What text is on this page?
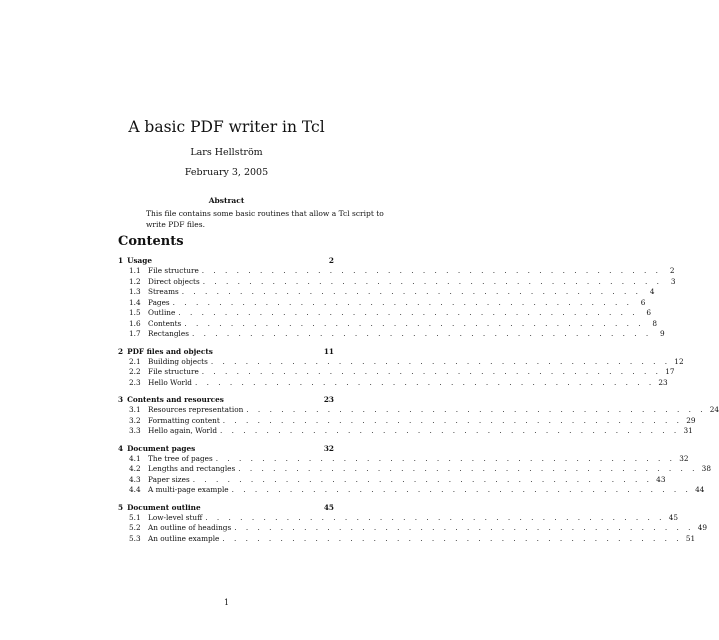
A basic PDF writer in Tcl
Lars Hellström
February 3, 2005
Abstract
This file contains some basic routines that allow a Tcl script to write PDF files.
Contents
1 Usage	2
1.1	File structure . . . . . . . . . . . . . . . . . . . . . . . . . . . . . . . . . . . . . . . .	2
1.2	Direct objects . . . . . . . . . . . . . . . . . . . . . . . . . . . . . . . . . . . . . . . .	3
1.3	Streams . . . . . . . . . . . . . . . . . . . . . . . . . . . . . . . . . . . . . . . .	4
1.4	Pages . . . . . . . . . . . . . . . . . . . . . . . . . . . . . . . . . . . . . . . .	6
1.5	Outline . . . . . . . . . . . . . . . . . . . . . . . . . . . . . . . . . . . . . . . .	6
1.6	Contents . . . . . . . . . . . . . . . . . . . . . . . . . . . . . . . . . . . . . . . .	8
1.7	Rectangles . . . . . . . . . . . . . . . . . . . . . . . . . . . . . . . . . . . . . . . .	9
2 PDF files and objects	11
2.1	Building objects . . . . . . . . . . . . . . . . . . . . . . . . . . . . . . . . . . . . . . . . 12
2.2	File structure . . . . . . . . . . . . . . . . . . . . . . . . . . . . . . . . . . . . . . . . 17
2.3	Hello World . . . . . . . . . . . . . . . . . . . . . . . . . . . . . . . . . . . . . . . . 23
3 Contents and resources	23
3.1	Resources representation . . . . . . . . . . . . . . . . . . . . . . . . . . . . . . . . . . . . . . . . 24
3.2	Formatting content . . . . . . . . . . . . . . . . . . . . . . . . . . . . . . . . . . . . . . . . 29
3.3	Hello again, World . . . . . . . . . . . . . . . . . . . . . . . . . . . . . . . . . . . . . . . . 31
4 Document pages	32
4.1	The tree of pages . . . . . . . . . . . . . . . . . . . . . . . . . . . . . . . . . . . . . . . . 32
4.2	Lengths and rectangles . . . . . . . . . . . . . . . . . . . . . . . . . . . . . . . . . . . . . . . . 38
4.3	Paper sizes . . . . . . . . . . . . . . . . . . . . . . . . . . . . . . . . . . . . . . . . 43
4.4	A multi-page example . . . . . . . . . . . . . . . . . . . . . . . . . . . . . . . . . . . . . . . . 44
5 Document outline	45
5.1	Low-level stuff . . . . . . . . . . . . . . . . . . . . . . . . . . . . . . . . . . . . . . . . 45
5.2	An outline of headings . . . . . . . . . . . . . . . . . . . . . . . . . . . . . . . . . . . . . . . . 49
5.3	An outline example . . . . . . . . . . . . . . . . . . . . . . . . . . . . . . . . . . . . . . . . 51
1
